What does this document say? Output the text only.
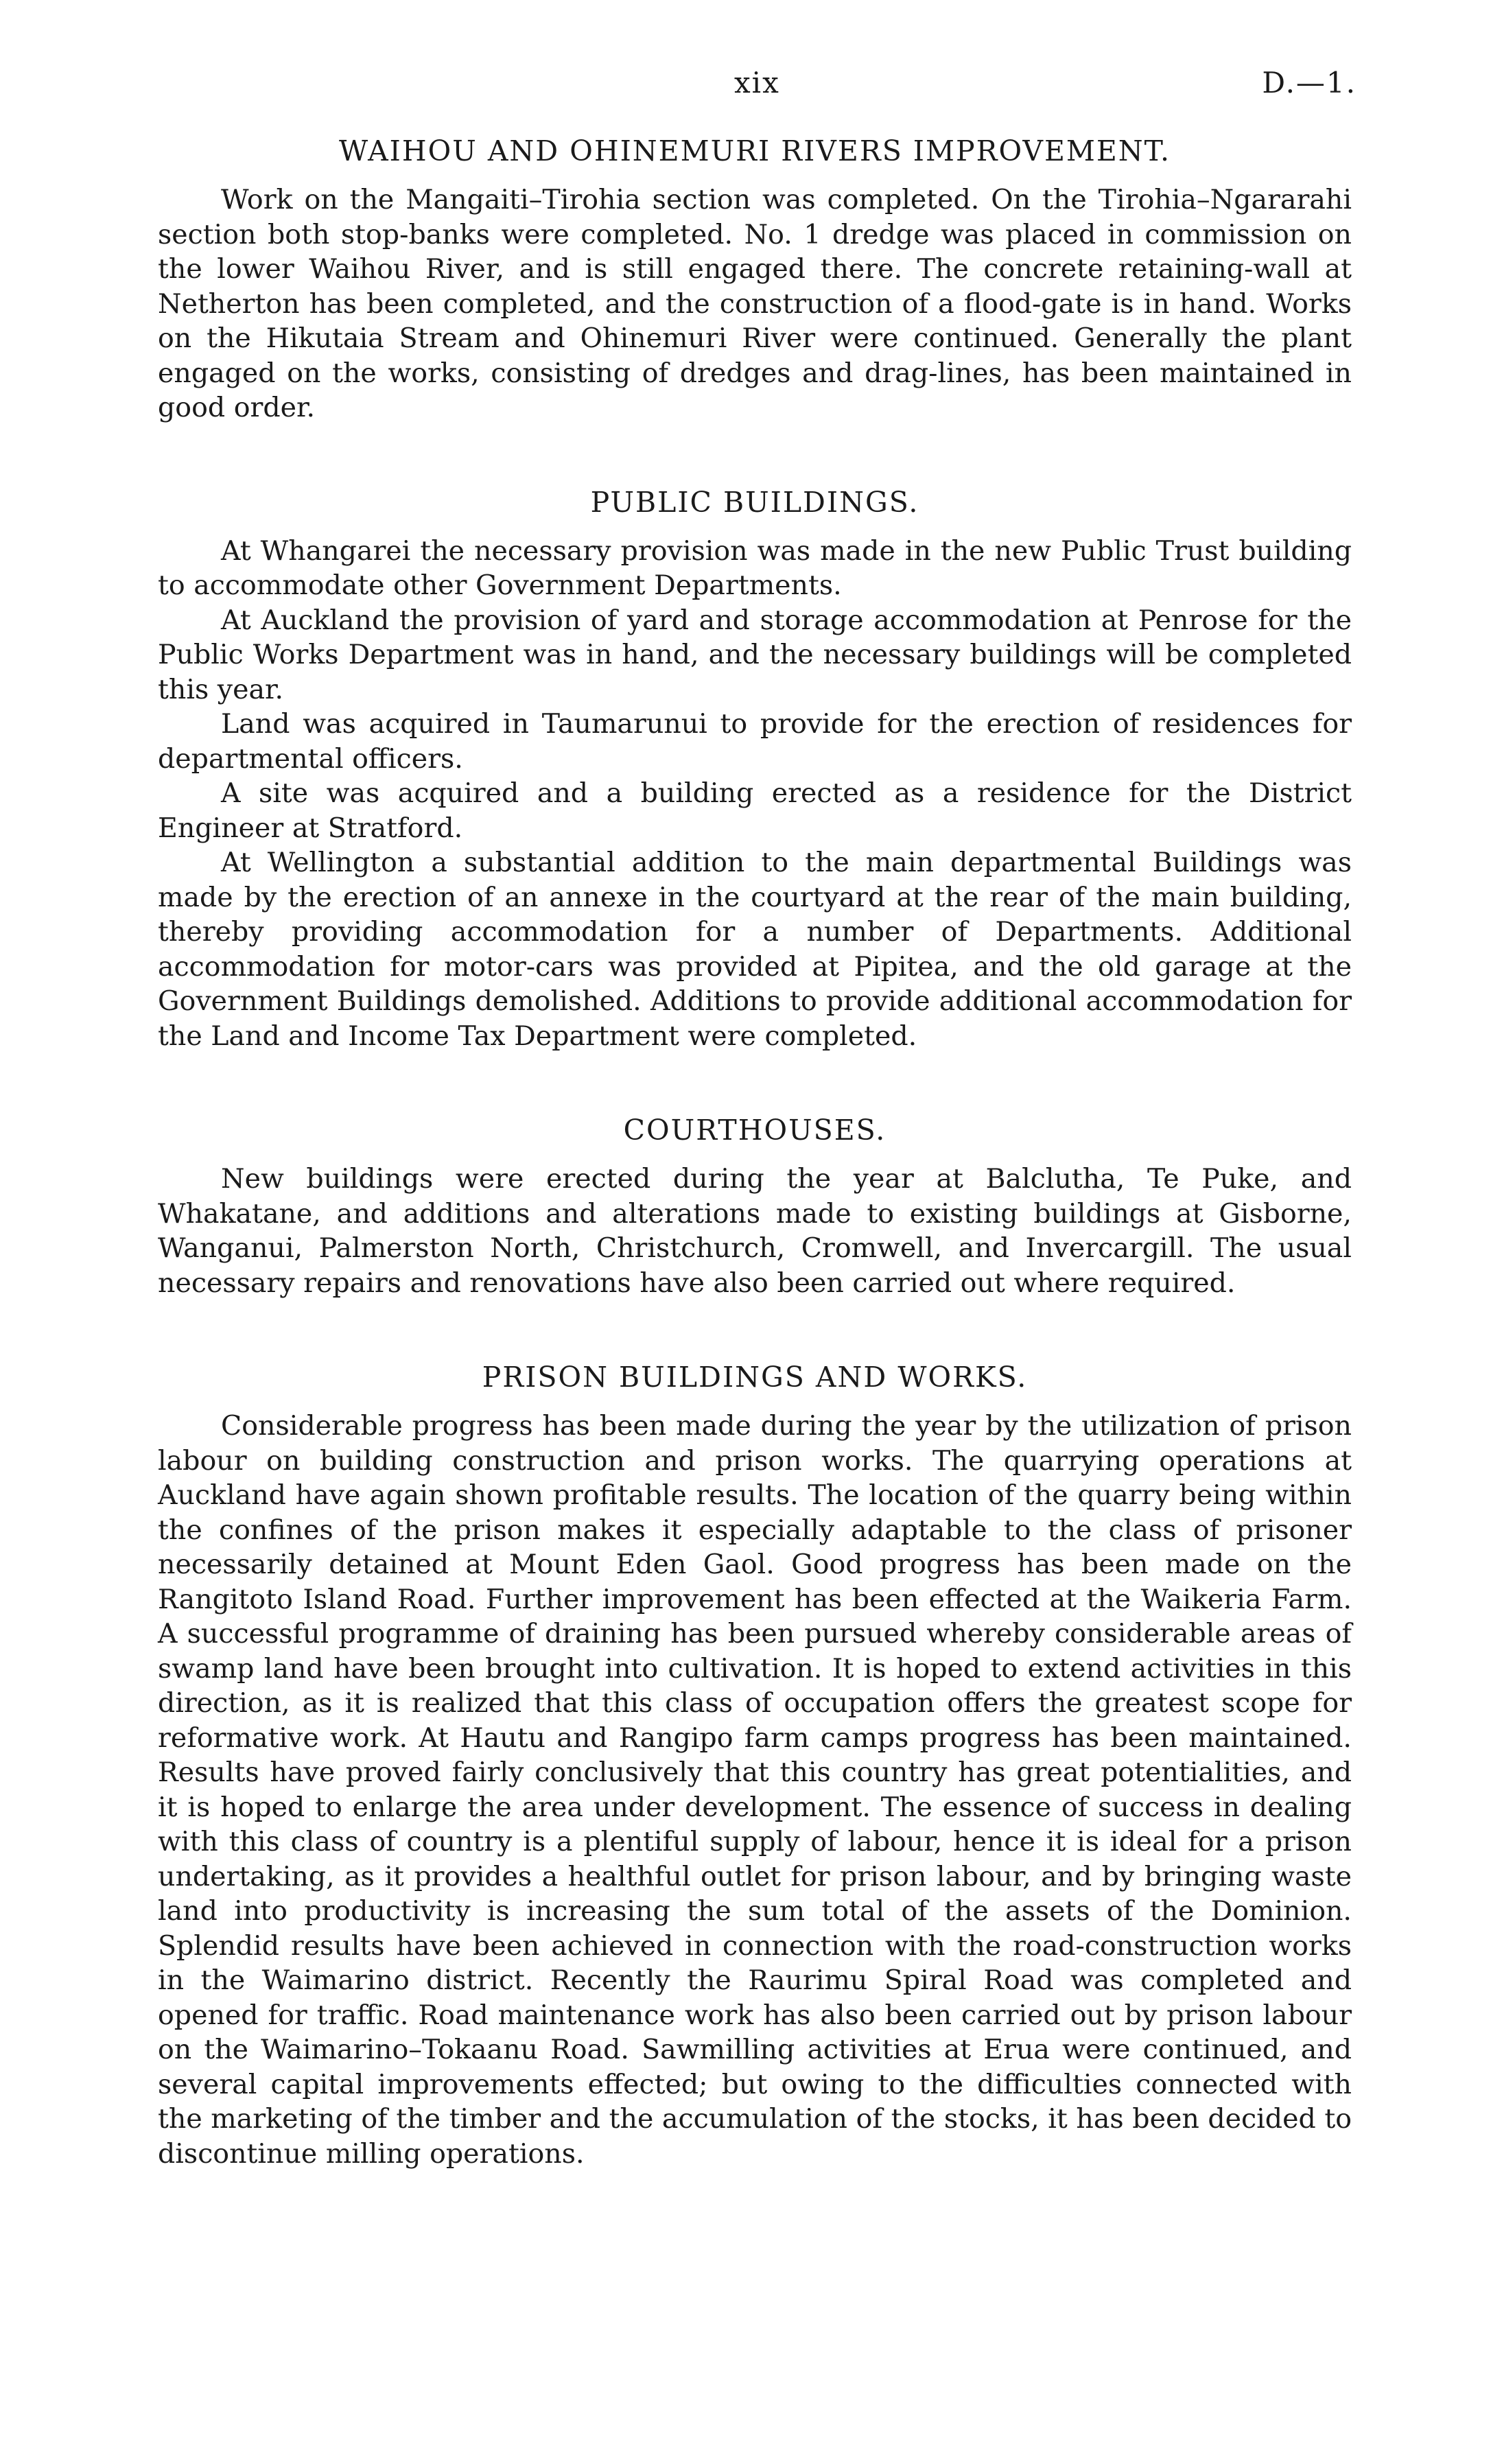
xix	D.—1.
WAIHOU AND OHINEMURI RIVERS IMPROVEMENT.

Work on the Mangaiti–Tirohia section was completed. On the Tirohia–Ngararahi section both stop-banks were completed. No. 1 dredge was placed in commission on the lower Waihou River, and is still engaged there. The concrete retaining-wall at Netherton has been completed, and the construction of a flood-gate is in hand. Works on the Hikutaia Stream and Ohinemuri River were continued. Generally the plant engaged on the works, consisting of dredges and drag-lines, has been maintained in good order.

PUBLIC BUILDINGS.

At Whangarei the necessary provision was made in the new Public Trust building to accommodate other Government Departments.

At Auckland the provision of yard and storage accommodation at Penrose for the Public Works Department was in hand, and the necessary buildings will be completed this year.

Land was acquired in Taumarunui to provide for the erection of residences for departmental officers.

A site was acquired and a building erected as a residence for the District Engineer at Stratford.

At Wellington a substantial addition to the main departmental Buildings was made by the erection of an annexe in the courtyard at the rear of the main building, thereby providing accommodation for a number of Departments. Additional accommodation for motor-cars was provided at Pipitea, and the old garage at the Government Buildings demolished. Additions to provide additional accommodation for the Land and Income Tax Department were completed.

COURTHOUSES.

New buildings were erected during the year at Balclutha, Te Puke, and Whakatane, and additions and alterations made to existing buildings at Gisborne, Wanganui, Palmerston North, Christchurch, Cromwell, and Invercargill. The usual necessary repairs and renovations have also been carried out where required.

PRISON BUILDINGS AND WORKS.

Considerable progress has been made during the year by the utilization of prison labour on building construction and prison works. The quarrying operations at Auckland have again shown profitable results. The location of the quarry being within the confines of the prison makes it especially adaptable to the class of prisoner necessarily detained at Mount Eden Gaol. Good progress has been made on the Rangitoto Island Road. Further improvement has been effected at the Waikeria Farm. A successful programme of draining has been pursued whereby considerable areas of swamp land have been brought into cultivation. It is hoped to extend activities in this direction, as it is realized that this class of occupation offers the greatest scope for reformative work. At Hautu and Rangipo farm camps progress has been maintained. Results have proved fairly conclusively that this country has great potentialities, and it is hoped to enlarge the area under development. The essence of success in dealing with this class of country is a plentiful supply of labour, hence it is ideal for a prison undertaking, as it provides a healthful outlet for prison labour, and by bringing waste land into productivity is increasing the sum total of the assets of the Dominion. Splendid results have been achieved in connection with the road-construction works in the Waimarino district. Recently the Raurimu Spiral Road was completed and opened for traffic. Road maintenance work has also been carried out by prison labour on the Waimarino–Tokaanu Road. Sawmilling activities at Erua were continued, and several capital improvements effected; but owing to the difficulties connected with the marketing of the timber and the accumulation of the stocks, it has been decided to discontinue milling operations.
